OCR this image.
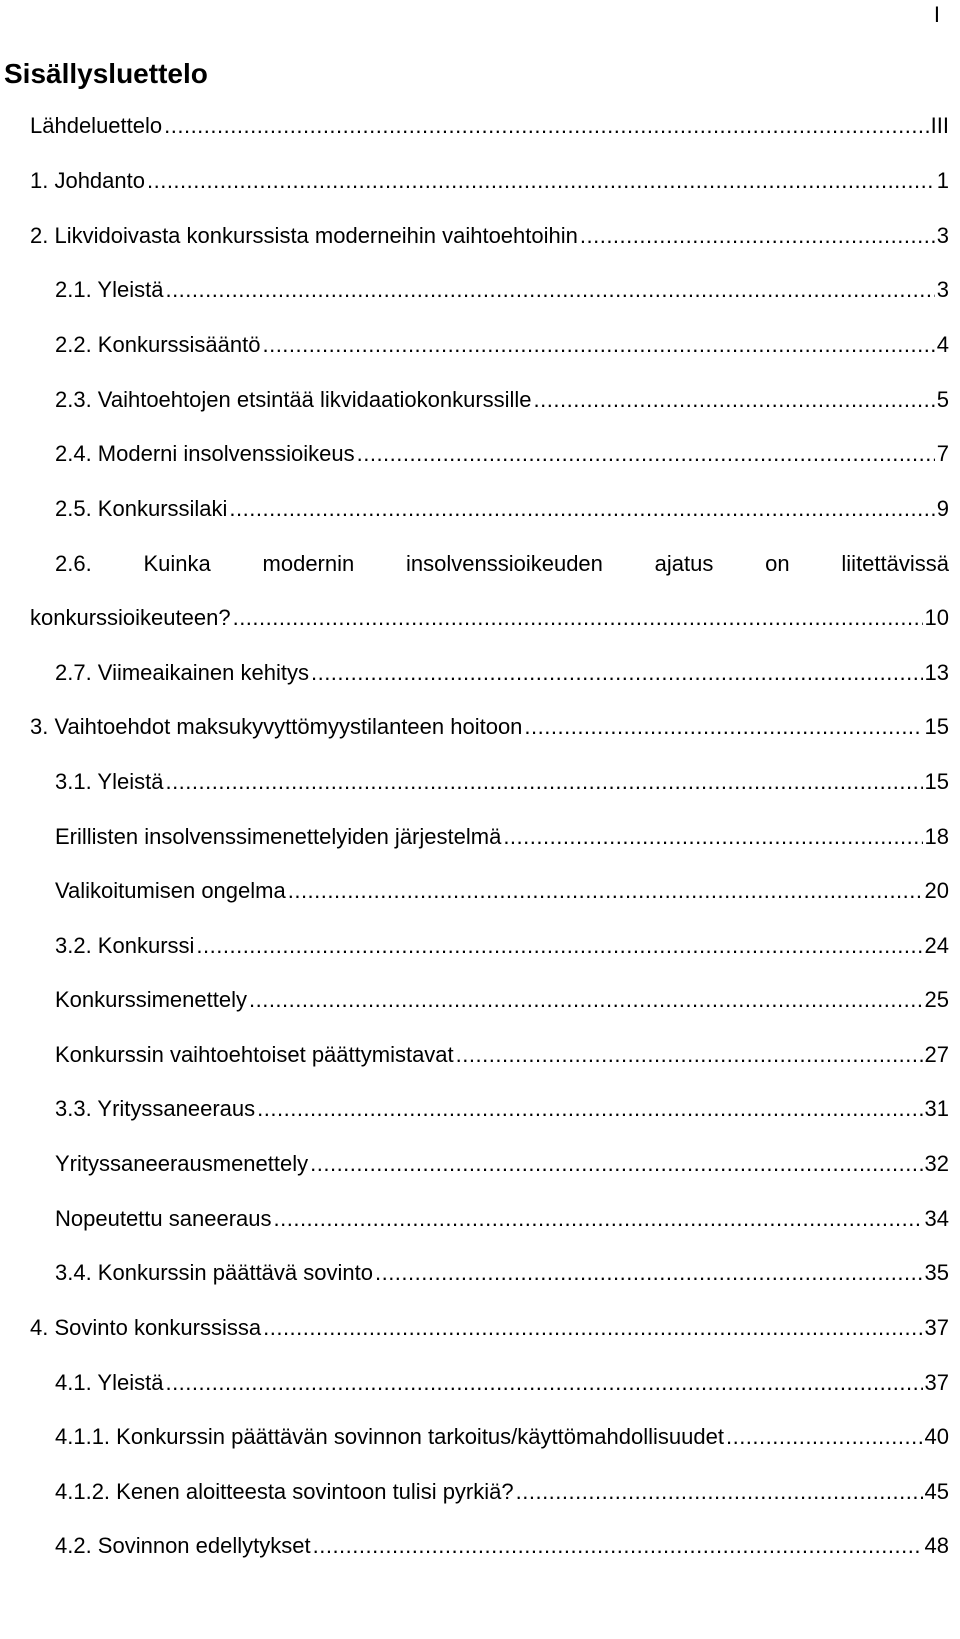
I
Sisällysluettelo
Lähdeluettelo .....	III
1. Johdanto .....	1
2. Likvidoivasta konkurssista moderneihin vaihtoehtoihin .....	3
2.1. Yleistä .....	3
2.2. Konkurssisääntö .....	4
2.3. Vaihtoehtojen etsintää likvidaatiokonkurssille .....	5
2.4. Moderni insolvenssioikeus .....	7
2.5. Konkurssilaki .....	9
2.6. Kuinka modernin insolvenssioikeuden ajatus on liitettävissä
konkurssioikeuteen? .....	10
2.7. Viimeaikainen kehitys .....	13
3. Vaihtoehdot maksukyvyttömyystilanteen hoitoon .....	15
3.1. Yleistä .....	15
Erillisten insolvenssimenettelyiden järjestelmä .....	18
Valikoitumisen ongelma .....	20
3.2. Konkurssi .....	24
Konkurssimenettely .....	25
Konkurssin vaihtoehtoiset päättymistavat .....	27
3.3. Yrityssaneeraus .....	31
Yrityssaneerausmenettely .....	32
Nopeutettu saneeraus .....	34
3.4. Konkurssin päättävä sovinto .....	35
4. Sovinto konkurssissa .....	37
4.1. Yleistä .....	37
4.1.1. Konkurssin päättävän sovinnon tarkoitus/käyttömahdollisuudet .....	40
4.1.2. Kenen aloitteesta sovintoon tulisi pyrkiä? .....	45
4.2. Sovinnon edellytykset .....	48
